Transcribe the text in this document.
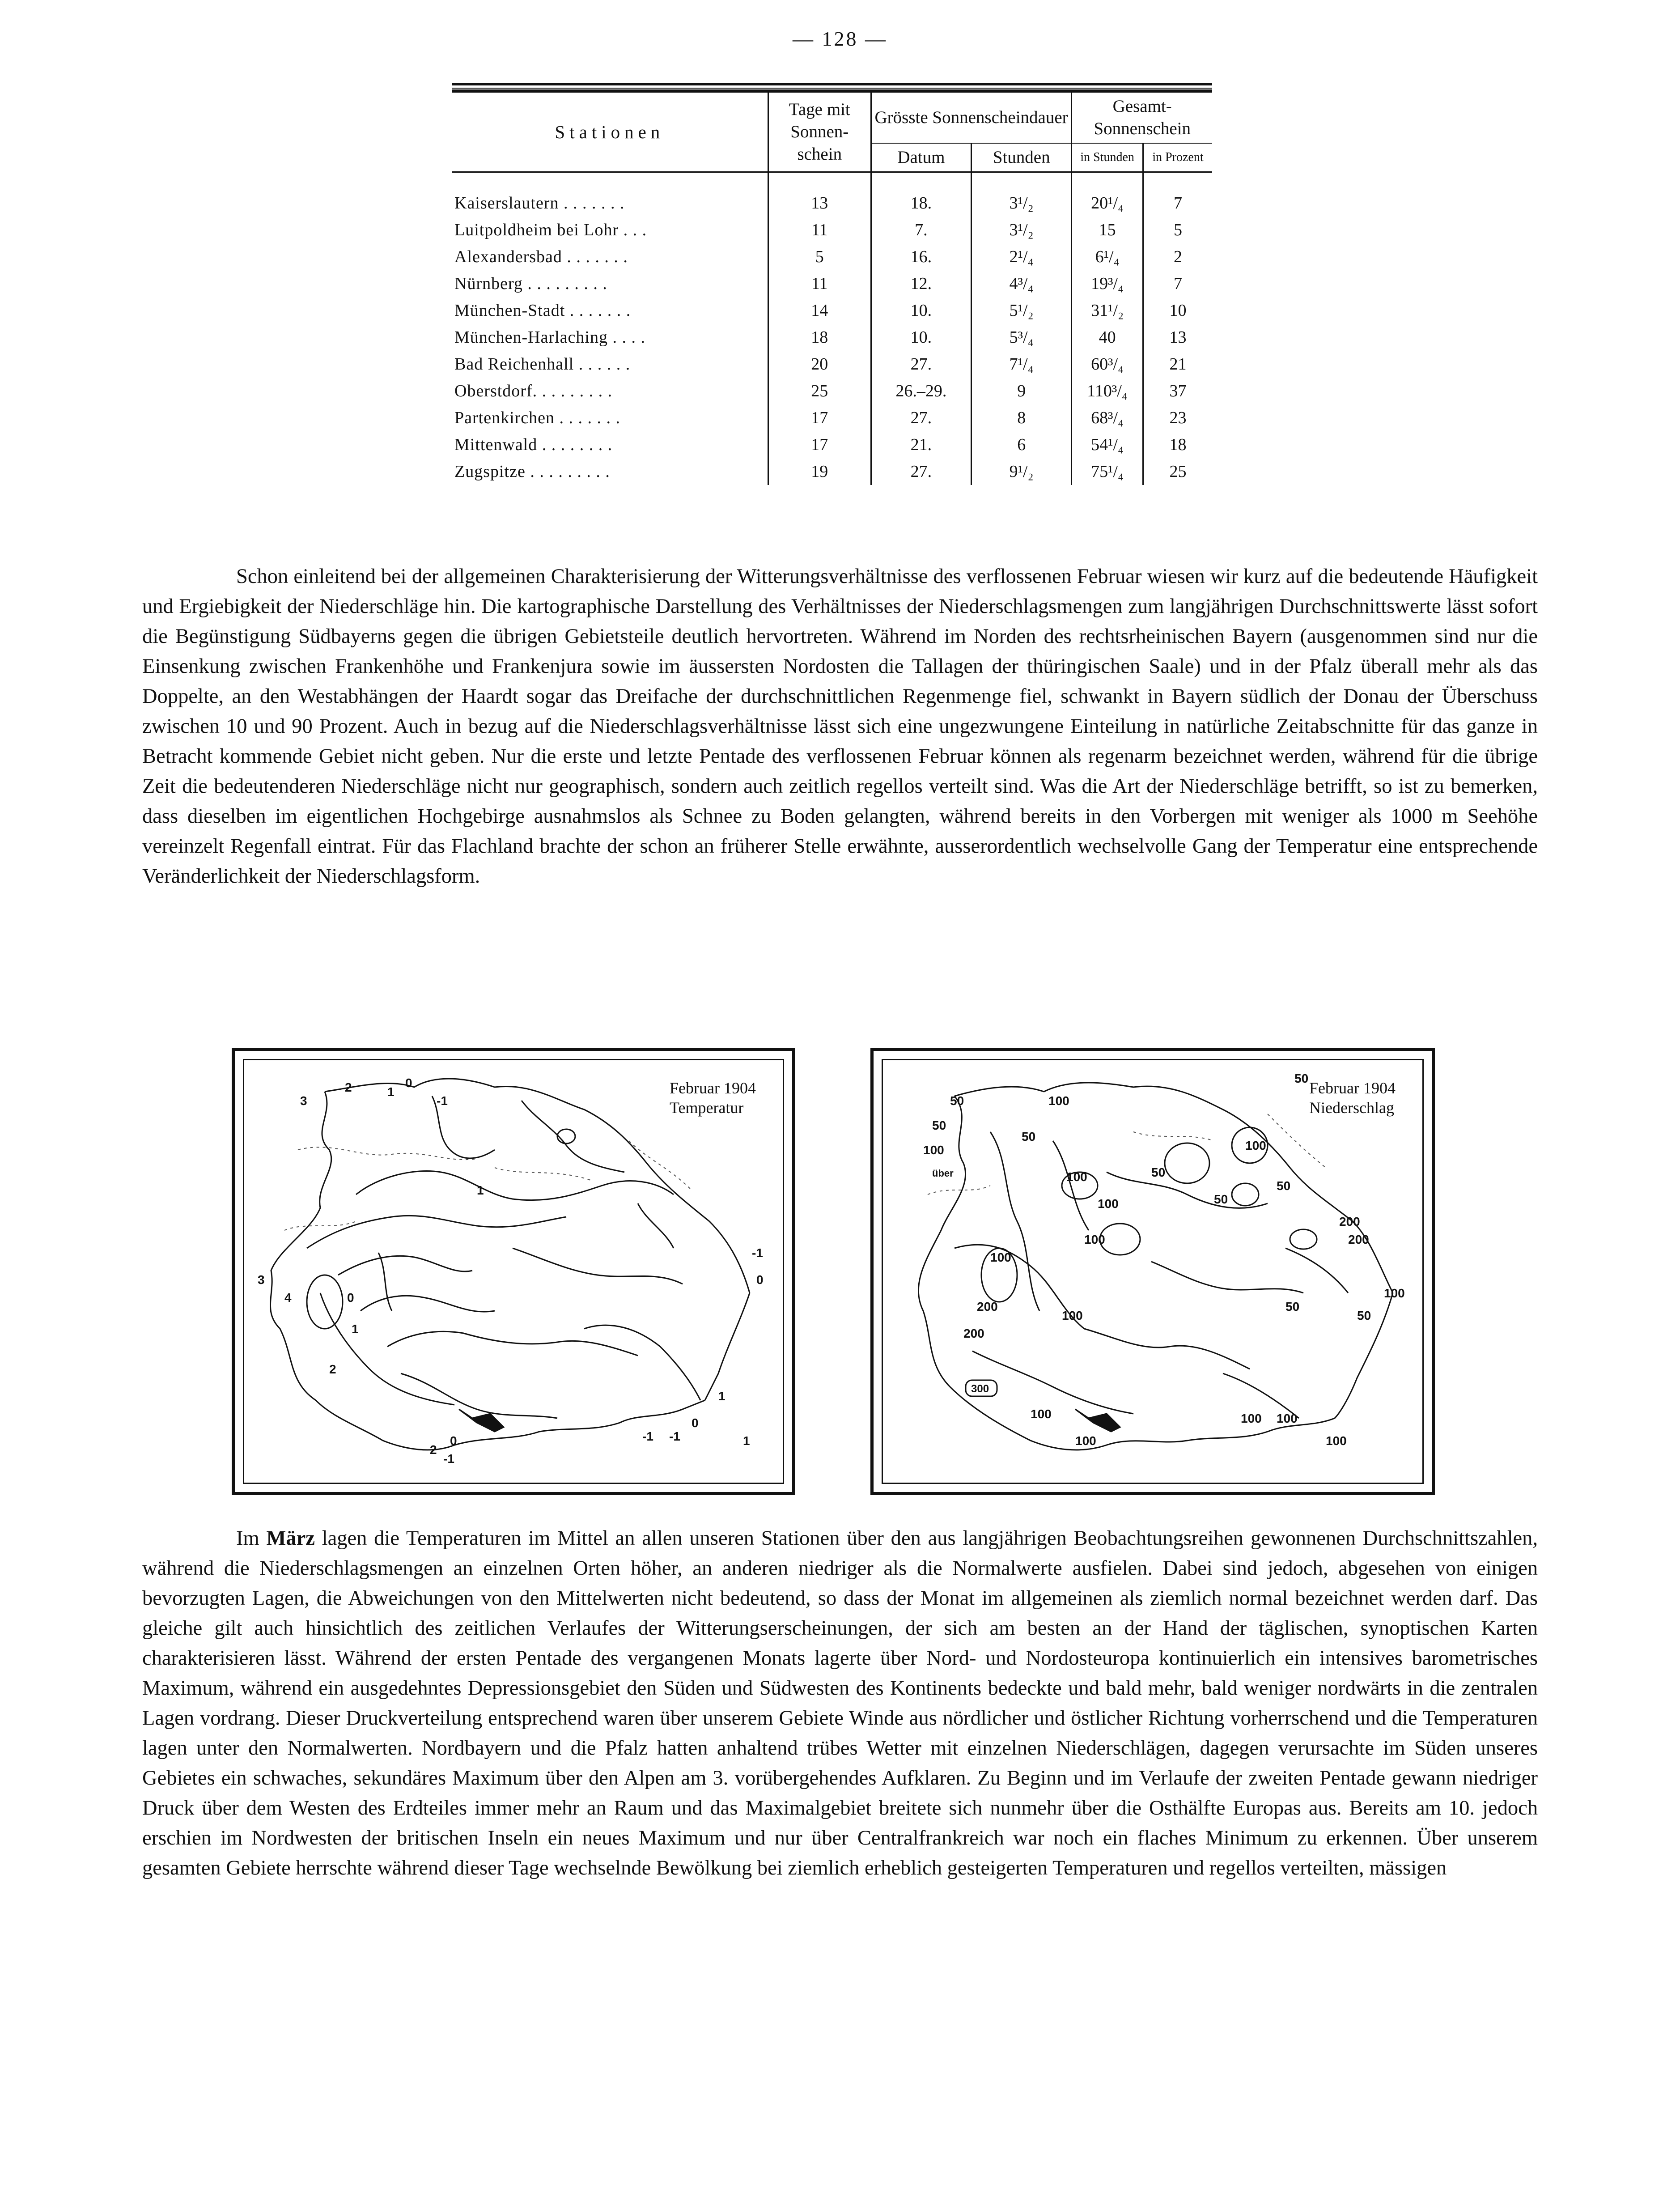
— 128 —
Stationen	Tage mit Sonnen-schein	Grösste Sonnenscheindauer		Gesamt-Sonnenschein	
		Datum	Stunden	in Stunden	in Prozent
Kaiserslautern . . . . . . .	13	18.	3¹/₂	20¹/₄	7
Luitpoldheim bei Lohr . . .	11	7.	3¹/₂	15	5
Alexandersbad . . . . . . .	5	16.	2¹/₄	6¹/₄	2
Nürnberg . . . . . . . . .	11	12.	4³/₄	19³/₄	7
München-Stadt . . . . . . .	14	10.	5¹/₂	31¹/₂	10
München-Harlaching . . . .	18	10.	5³/₄	40	13
Bad Reichenhall . . . . . .	20	27.	7¹/₄	60³/₄	21
Oberstdorf. . . . . . . . .	25	26.–29.	9	110³/₄	37
Partenkirchen . . . . . . .	17	27.	8	68³/₄	23
Mittenwald . . . . . . . .	17	21.	6	54¹/₄	18
Zugspitze . . . . . . . . .	19	27.	9¹/₂	75¹/₄	25
Schon einleitend bei der allgemeinen Charakterisierung der Witterungsverhältnisse des verflossenen Februar wiesen wir kurz auf die bedeutende Häufigkeit und Ergiebigkeit der Niederschläge hin. Die kartographische Darstellung des Verhältnisses der Niederschlagsmengen zum langjährigen Durchschnittswerte lässt sofort die Begünstigung Südbayerns gegen die übrigen Gebietsteile deutlich hervortreten. Während im Norden des rechtsrheinischen Bayern (ausgenommen sind nur die Einsenkung zwischen Frankenhöhe und Frankenjura sowie im äussersten Nordosten die Tallagen der thüringischen Saale) und in der Pfalz überall mehr als das Doppelte, an den Westabhängen der Haardt sogar das Dreifache der durchschnittlichen Regenmenge fiel, schwankt in Bayern südlich der Donau der Überschuss zwischen 10 und 90 Prozent. Auch in bezug auf die Niederschlagsverhältnisse lässt sich eine ungezwungene Einteilung in natürliche Zeitabschnitte für das ganze in Betracht kommende Gebiet nicht geben. Nur die erste und letzte Pentade des verflossenen Februar können als regenarm bezeichnet werden, während für die übrige Zeit die bedeutenderen Niederschläge nicht nur geographisch, sondern auch zeitlich regellos verteilt sind. Was die Art der Niederschläge betrifft, so ist zu bemerken, dass dieselben im eigentlichen Hochgebirge ausnahmslos als Schnee zu Boden gelangten, während bereits in den Vorbergen mit weniger als 1000 m Seehöhe vereinzelt Regenfall eintrat. Für das Flachland brachte der schon an früherer Stelle erwähnte, ausserordentlich wechselvolle Gang der Temperatur eine entsprechende Veränderlichkeit der Niederschlagsform.
3
2	1
0
-1
1
-1
0
3
4	0
1
2
1
0
-1 -1	1
2
-1
0
Februar 1904
Temperatur	50	100
50
100
50
über	100	50
100
100	50
50
100
50
200
200
100
200
100
200
300
100
50
50
100
100
100 100
100
Februar 1904
Niederschlag
Im März lagen die Temperaturen im Mittel an allen unseren Stationen über den aus langjährigen Beobachtungsreihen gewonnenen Durchschnittszahlen, während die Niederschlagsmengen an einzelnen Orten höher, an anderen niedriger als die Normalwerte ausfielen. Dabei sind jedoch, abgesehen von einigen bevorzugten Lagen, die Abweichungen von den Mittelwerten nicht bedeutend, so dass der Monat im allgemeinen als ziemlich normal bezeichnet werden darf. Das gleiche gilt auch hinsichtlich des zeitlichen Verlaufes der Witterungserscheinungen, der sich am besten an der Hand der täglischen, synoptischen Karten charakterisieren lässt. Während der ersten Pentade des vergangenen Monats lagerte über Nord- und Nordosteuropa kontinuierlich ein intensives barometrisches Maximum, während ein ausgedehntes Depressionsgebiet den Süden und Südwesten des Kontinents bedeckte und bald mehr, bald weniger nordwärts in die zentralen Lagen vordrang. Dieser Druckverteilung entsprechend waren über unserem Gebiete Winde aus nördlicher und östlicher Richtung vorherrschend und die Temperaturen lagen unter den Normalwerten. Nordbayern und die Pfalz hatten anhaltend trübes Wetter mit einzelnen Niederschlägen, dagegen verursachte im Süden unseres Gebietes ein schwaches, sekundäres Maximum über den Alpen am 3. vorübergehendes Aufklaren. Zu Beginn und im Verlaufe der zweiten Pentade gewann niedriger Druck über dem Westen des Erdteiles immer mehr an Raum und das Maximalgebiet breitete sich nunmehr über die Osthälfte Europas aus. Bereits am 10. jedoch erschien im Nordwesten der britischen Inseln ein neues Maximum und nur über Centralfrankreich war noch ein flaches Minimum zu erkennen. Über unserem gesamten Gebiete herrschte während dieser Tage wechselnde Bewölkung bei ziemlich erheblich gesteigerten Temperaturen und regellos verteilten, mässigen
